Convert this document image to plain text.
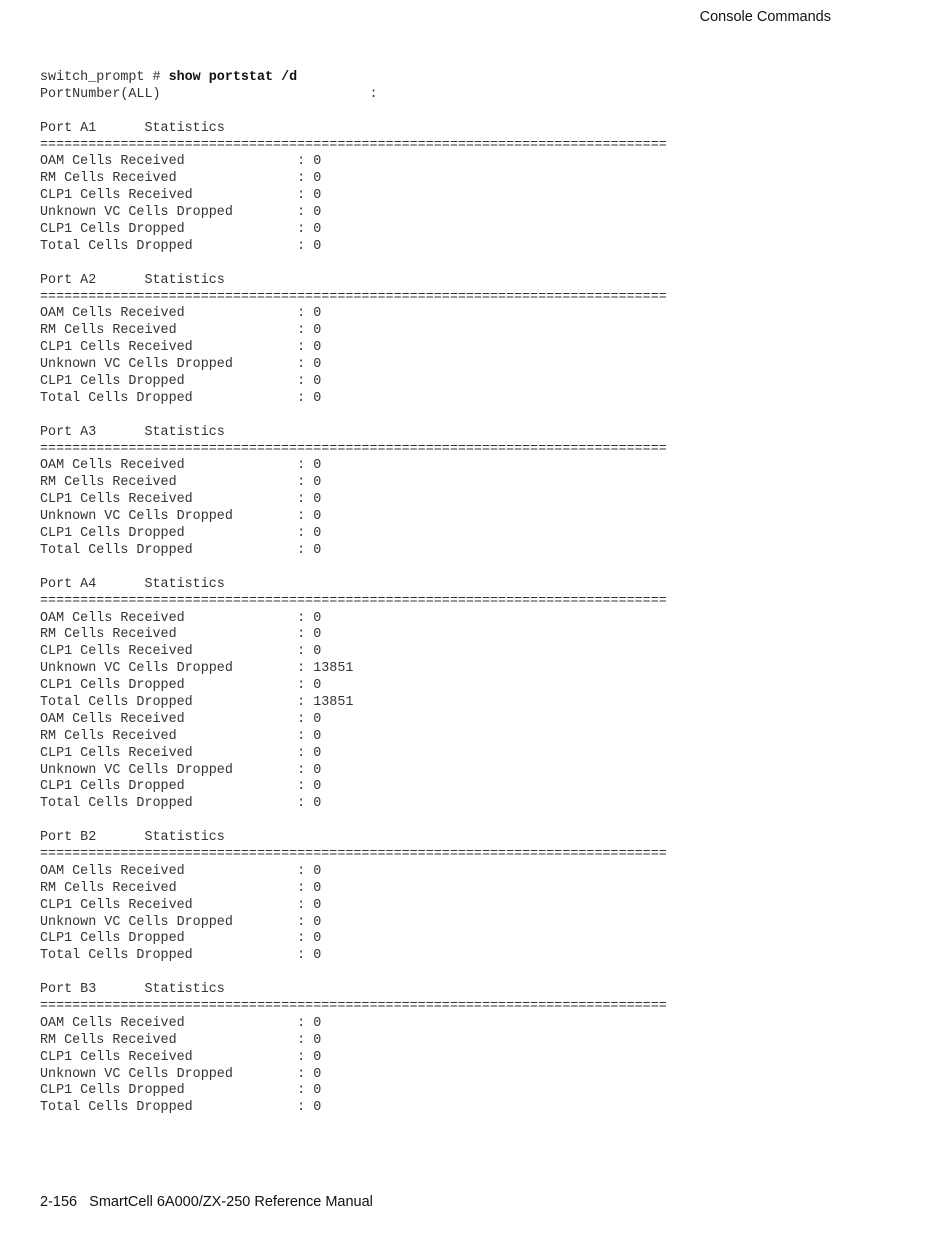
Console Commands
switch_prompt # show portstat /d
PortNumber(ALL)	:
Port A1      Statistics
==============================================================================
OAM Cells Received              : 0
RM Cells Received               : 0
CLP1 Cells Received             : 0
Unknown VC Cells Dropped        : 0
CLP1 Cells Dropped              : 0
Total Cells Dropped             : 0
Port A2      Statistics
==============================================================================
OAM Cells Received              : 0
RM Cells Received               : 0
CLP1 Cells Received             : 0
Unknown VC Cells Dropped        : 0
CLP1 Cells Dropped              : 0
Total Cells Dropped             : 0
Port A3      Statistics
==============================================================================
OAM Cells Received              : 0
RM Cells Received               : 0
CLP1 Cells Received             : 0
Unknown VC Cells Dropped        : 0
CLP1 Cells Dropped              : 0
Total Cells Dropped             : 0
Port A4      Statistics
==============================================================================
OAM Cells Received              : 0
RM Cells Received               : 0
CLP1 Cells Received             : 0
Unknown VC Cells Dropped        : 13851
CLP1 Cells Dropped              : 0
Total Cells Dropped             : 13851
OAM Cells Received              : 0
RM Cells Received               : 0
CLP1 Cells Received             : 0
Unknown VC Cells Dropped        : 0
CLP1 Cells Dropped              : 0
Total Cells Dropped             : 0
Port B2      Statistics
==============================================================================
OAM Cells Received              : 0
RM Cells Received               : 0
CLP1 Cells Received             : 0
Unknown VC Cells Dropped        : 0
CLP1 Cells Dropped              : 0
Total Cells Dropped             : 0
Port B3      Statistics
==============================================================================
OAM Cells Received              : 0
RM Cells Received               : 0
CLP1 Cells Received             : 0
Unknown VC Cells Dropped        : 0
CLP1 Cells Dropped              : 0
Total Cells Dropped             : 0
2-156   SmartCell 6A000/ZX-250 Reference Manual
